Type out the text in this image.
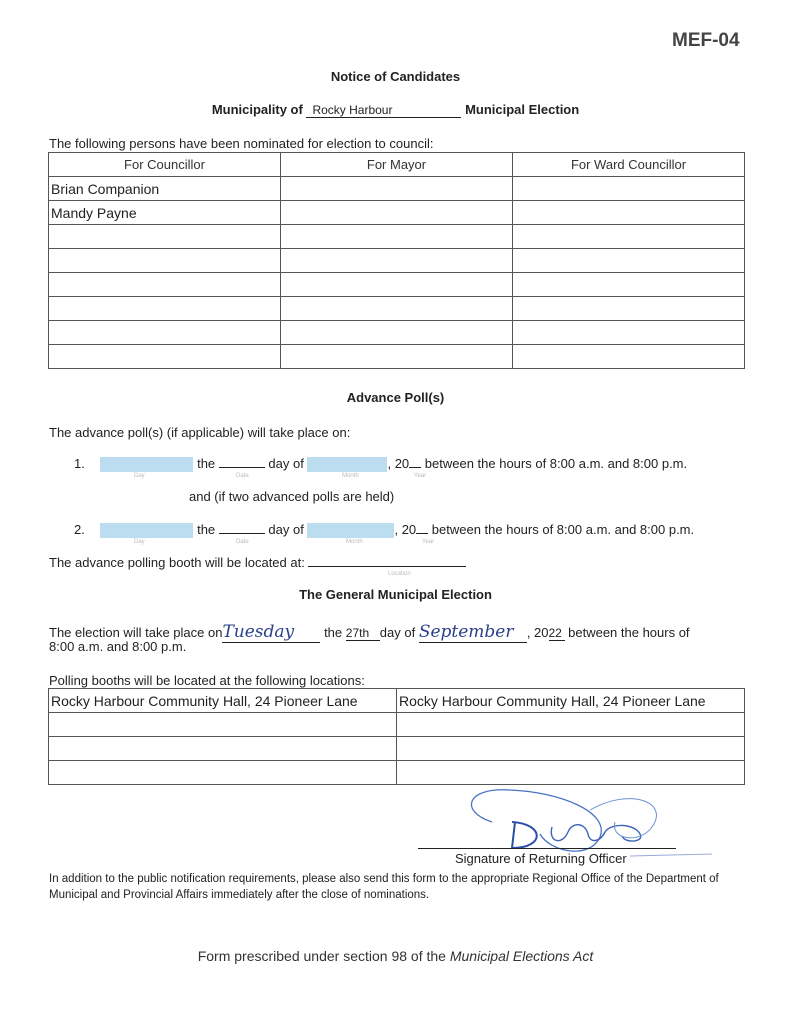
MEF-04
Notice of Candidates
Municipality of Rocky Harbour	Municipal Election
The following persons have been nominated for election to council:
For Councillor	For Mayor	For Ward Councillor
Brian Companion		
Mandy Payne		

Advance Poll(s)
The advance poll(s) (if applicable) will take place on:
1.	the	day of	, 20 between the hours of 8:00 a.m. and 8:00 p.m.
Day	Date	Month	Year
and (if two advanced polls are held)
2.	the	day of	, 20 between the hours of 8:00 a.m. and 8:00 p.m.
Day	Date	Month	Year
The advance polling booth will be located at:
Location
The General Municipal Election
The election will take place onTuesday the 27th day of September , 2022 between the hours of
8:00 a.m. and 8:00 p.m.
Polling booths will be located at the following locations:
Rocky Harbour Community Hall, 24 Pioneer Lane	Rocky Harbour Community Hall, 24 Pioneer Lane

Signature of Returning Officer
In addition to the public notification requirements, please also send this form to the appropriate Regional Office of the Department of Municipal and Provincial Affairs immediately after the close of nominations.
Form prescribed under section 98 of the Municipal Elections Act
